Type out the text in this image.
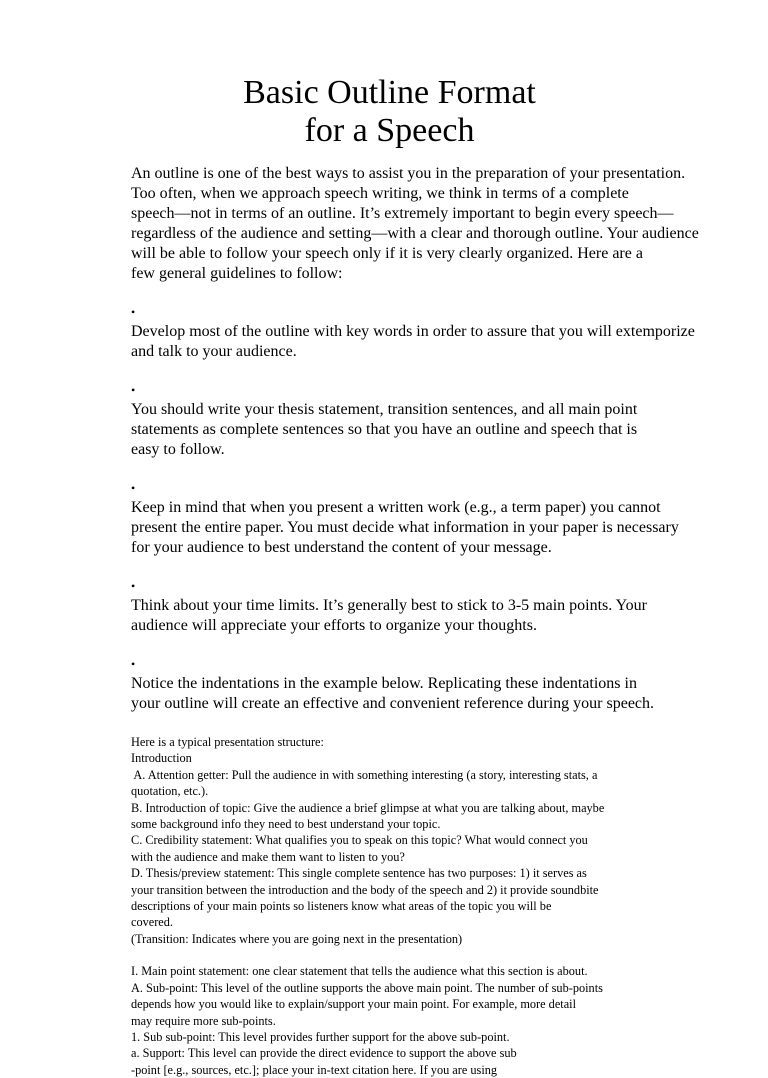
Basic Outline Format
for a Speech

An outline is one of the best ways to assist you in the preparation of your presentation.
Too often, when we approach speech writing, we think in terms of a complete
speech—not in terms of an outline. It’s extremely important to begin every speech—
regardless of the audience and setting—with a clear and thorough outline. Your audience
will be able to follow your speech only if it is very clearly organized. Here are a
few general guidelines to follow:

•
Develop most of the outline with key words in order to assure that you will extemporize
and talk to your audience.

•
You should write your thesis statement, transition sentences, and all main point
statements as complete sentences so that you have an outline and speech that is
easy to follow.

•
Keep in mind that when you present a written work (e.g., a term paper) you cannot
present the entire paper. You must decide what information in your paper is necessary
for your audience to best understand the content of your message.

•
Think about your time limits. It’s generally best to stick to 3-5 main points. Your
audience will appreciate your efforts to organize your thoughts.

•
Notice the indentations in the example below. Replicating these indentations in
your outline will create an effective and convenient reference during your speech.

Here is a typical presentation structure:
Introduction
A. Attention getter: Pull the audience in with something interesting (a story, interesting stats, a
quotation, etc.).
B. Introduction of topic: Give the audience a brief glimpse at what you are talking about, maybe
some background info they need to best understand your topic.
C. Credibility statement: What qualifies you to speak on this topic? What would connect you
with the audience and make them want to listen to you?
D. Thesis/preview statement: This single complete sentence has two purposes: 1) it serves as
your transition between the introduction and the body of the speech and 2) it provide soundbite
descriptions of your main points so listeners know what areas of the topic you will be
covered.
(Transition: Indicates where you are going next in the presentation)
I. Main point statement: one clear statement that tells the audience what this section is about.
A. Sub-point: This level of the outline supports the above main point. The number of sub-points
depends how you would like to explain/support your main point. For example, more detail
may require more sub-points.
1. Sub sub-point: This level provides further support for the above sub-point.
a. Support: This level can provide the direct evidence to support the above sub
-point [e.g., sources, etc.]; place your in-text citation here. If you are using
